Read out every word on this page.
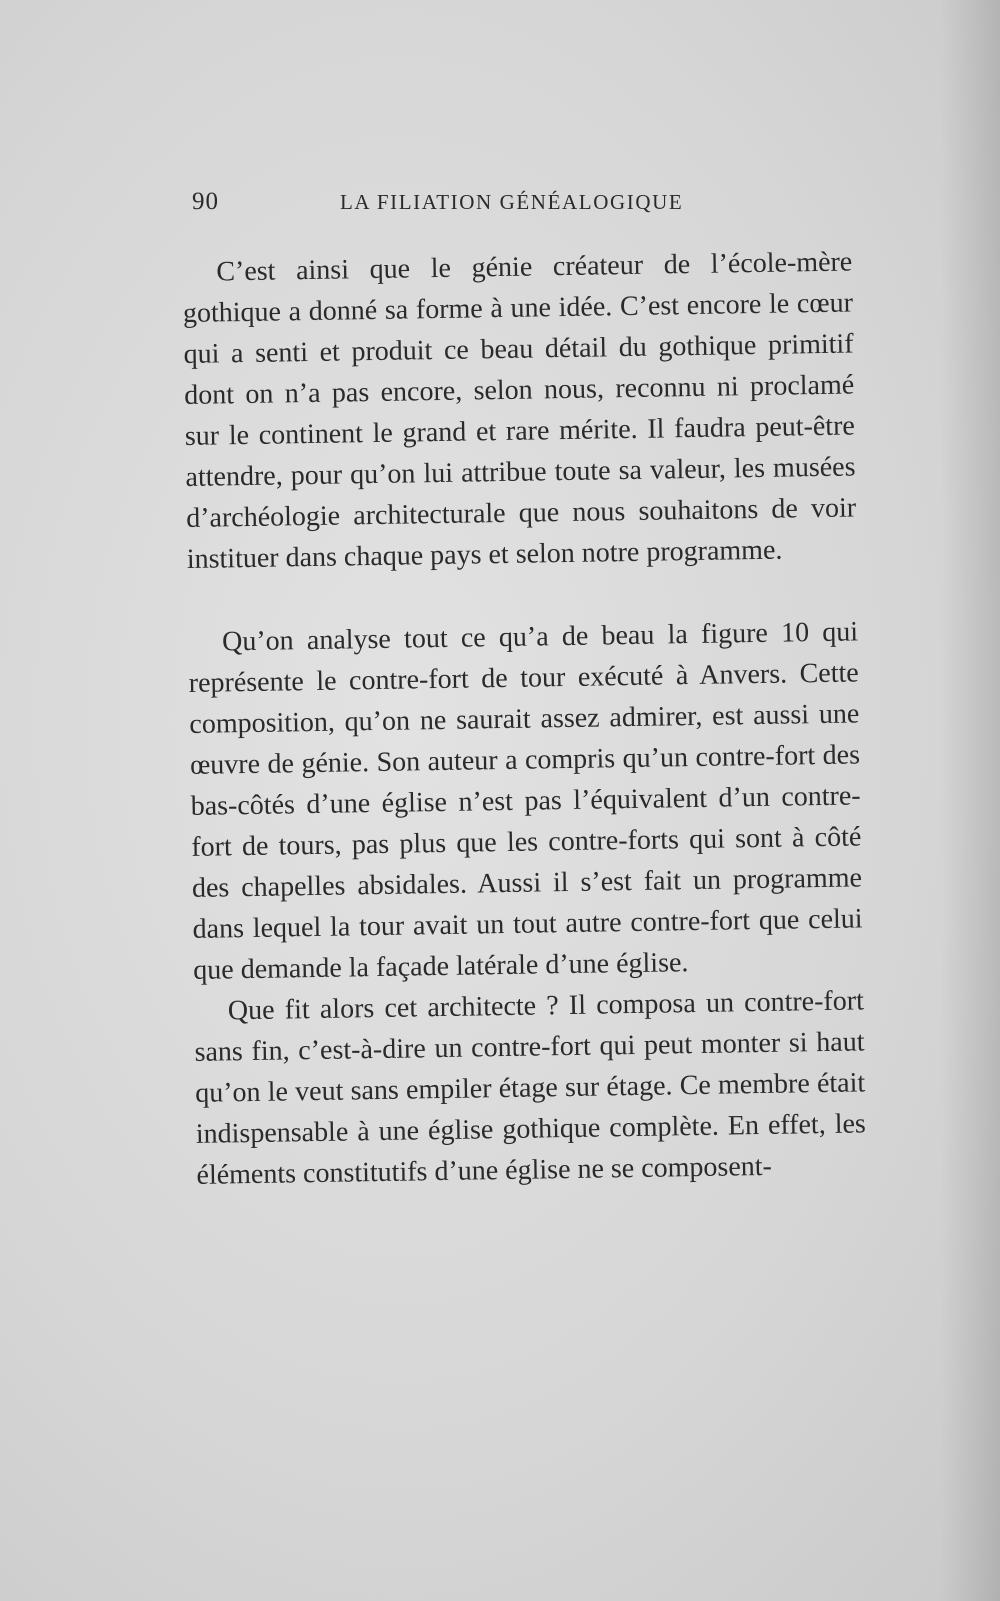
90	LA FILIATION GÉNÉALOGIQUE

C’est ainsi que le génie créateur de l’école-mère gothique a donné sa forme à une idée. C’est encore le cœur qui a senti et produit ce beau détail du gothique primitif dont on n’a pas encore, selon nous, reconnu ni proclamé sur le continent le grand et rare mérite. Il faudra peut-être attendre, pour qu’on lui attribue toute sa valeur, les musées d’archéologie architecturale que nous souhaitons de voir instituer dans chaque pays et selon notre programme.

Qu’on analyse tout ce qu’a de beau la figure 10 qui représente le contre-fort de tour exécuté à Anvers. Cette composition, qu’on ne saurait assez admirer, est aussi une œuvre de génie. Son auteur a compris qu’un contre-fort des bas-côtés d’une église n’est pas l’équivalent d’un contre-fort de tours, pas plus que les contre-forts qui sont à côté des chapelles absidales. Aussi il s’est fait un programme dans lequel la tour avait un tout autre contre-fort que celui que demande la façade latérale d’une église.

Que fit alors cet architecte ? Il composa un contre-fort sans fin, c’est-à-dire un contre-fort qui peut monter si haut qu’on le veut sans empiler étage sur étage. Ce membre était indispensable à une église gothique complète. En effet, les éléments constitutifs d’une église ne se composent-
